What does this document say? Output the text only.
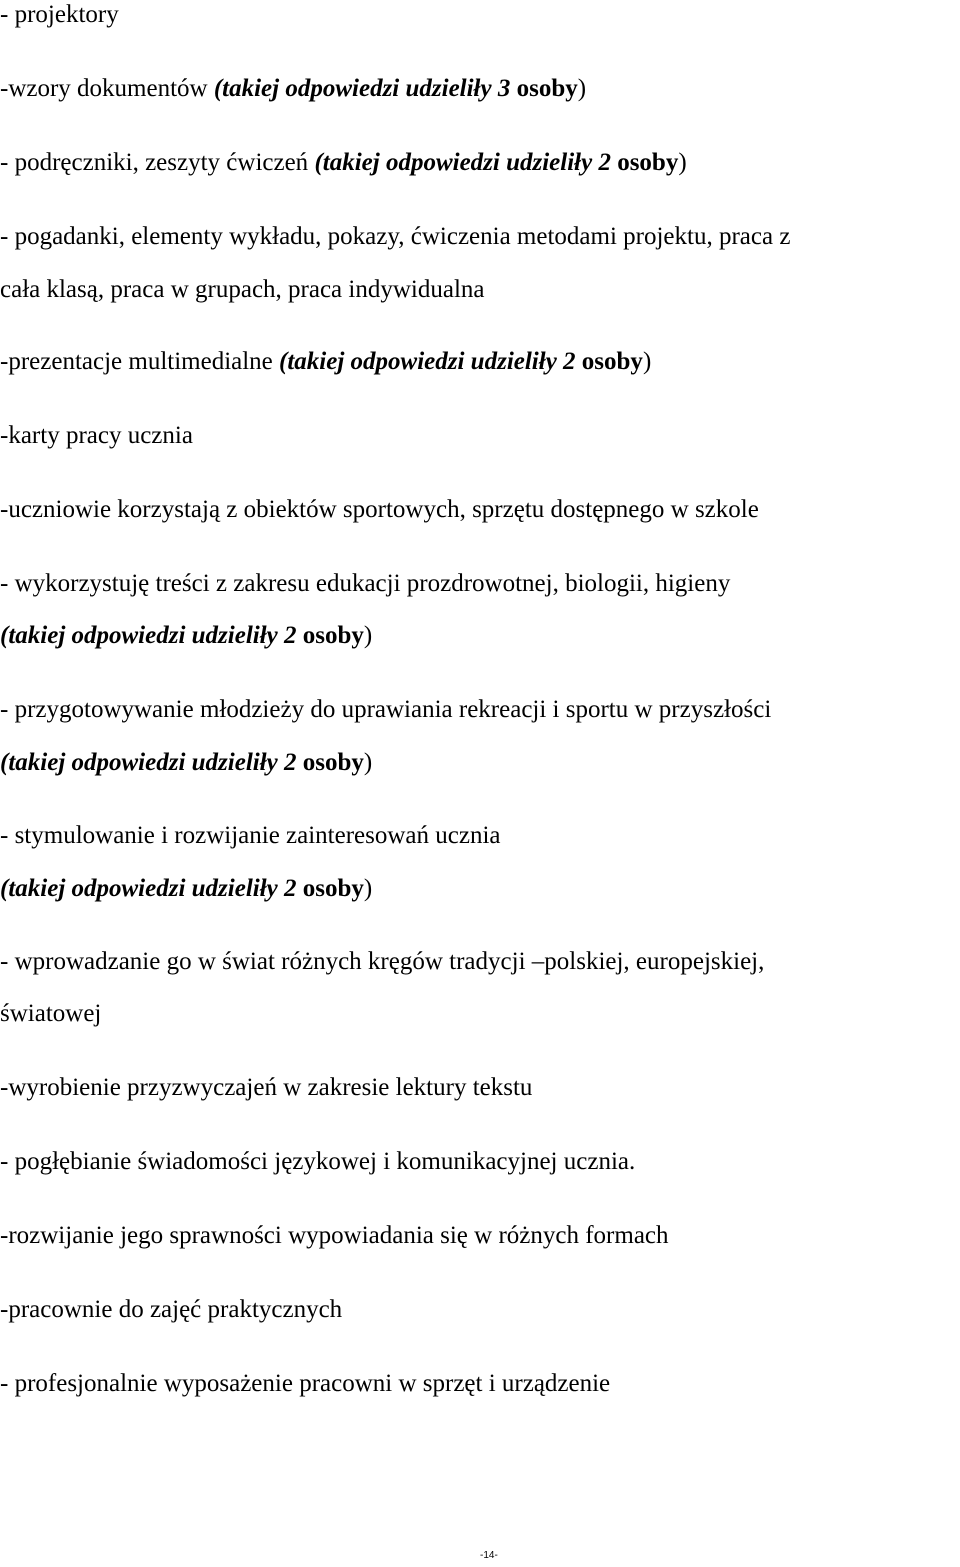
- projektory
-wzory dokumentów (takiej odpowiedzi udzieliły 3 osoby)
- podręczniki, zeszyty ćwiczeń (takiej odpowiedzi udzieliły 2 osoby)
- pogadanki, elementy wykładu, pokazy, ćwiczenia metodami projektu, praca z
cała klasą, praca w grupach, praca indywidualna
-prezentacje multimedialne (takiej odpowiedzi udzieliły 2 osoby)
-karty pracy ucznia
-uczniowie korzystają z obiektów sportowych, sprzętu dostępnego w szkole
- wykorzystuję treści z zakresu edukacji prozdrowotnej, biologii, higieny
(takiej odpowiedzi udzieliły 2 osoby)
- przygotowywanie młodzieży do uprawiania rekreacji i sportu w przyszłości
(takiej odpowiedzi udzieliły 2 osoby)
- stymulowanie i rozwijanie zainteresowań ucznia
(takiej odpowiedzi udzieliły 2 osoby)
- wprowadzanie go w świat różnych kręgów tradycji –polskiej, europejskiej,
światowej
-wyrobienie przyzwyczajeń w zakresie lektury tekstu
- pogłębianie świadomości językowej i komunikacyjnej ucznia.
-rozwijanie jego sprawności wypowiadania się w różnych formach
-pracownie do zajęć praktycznych
- profesjonalnie wyposażenie pracowni w sprzęt i urządzenie
-14-
